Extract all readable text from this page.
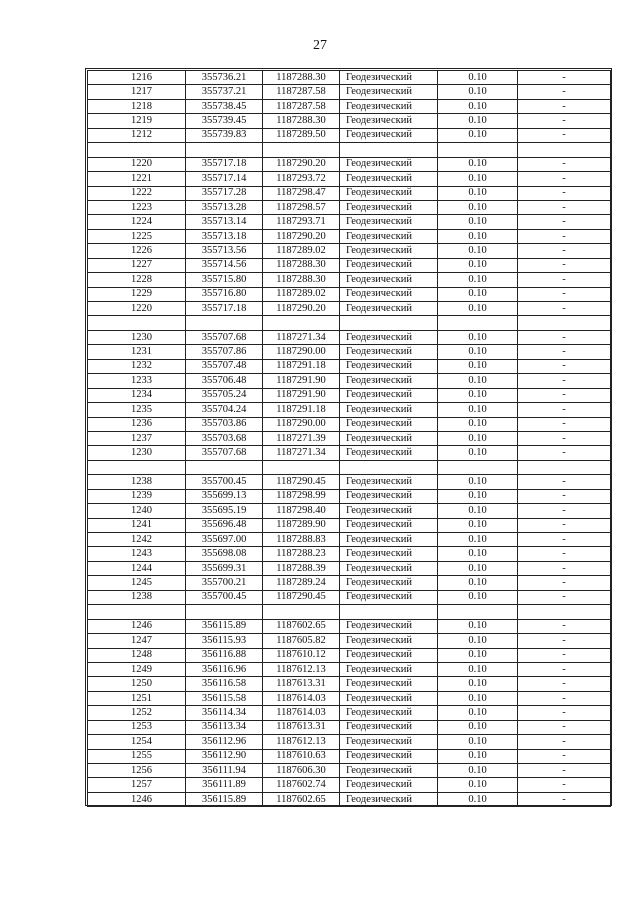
27
1216	355736.21	1187288.30	Геодезический	0.10	-
1217	355737.21	1187287.58	Геодезический	0.10	-
1218	355738.45	1187287.58	Геодезический	0.10	-
1219	355739.45	1187288.30	Геодезический	0.10	-
1212	355739.83	1187289.50	Геодезический	0.10	-

1220	355717.18	1187290.20	Геодезический	0.10	-
1221	355717.14	1187293.72	Геодезический	0.10	-
1222	355717.28	1187298.47	Геодезический	0.10	-
1223	355713.28	1187298.57	Геодезический	0.10	-
1224	355713.14	1187293.71	Геодезический	0.10	-
1225	355713.18	1187290.20	Геодезический	0.10	-
1226	355713.56	1187289.02	Геодезический	0.10	-
1227	355714.56	1187288.30	Геодезический	0.10	-
1228	355715.80	1187288.30	Геодезический	0.10	-
1229	355716.80	1187289.02	Геодезический	0.10	-
1220	355717.18	1187290.20	Геодезический	0.10	-

1230	355707.68	1187271.34	Геодезический	0.10	-
1231	355707.86	1187290.00	Геодезический	0.10	-
1232	355707.48	1187291.18	Геодезический	0.10	-
1233	355706.48	1187291.90	Геодезический	0.10	-
1234	355705.24	1187291.90	Геодезический	0.10	-
1235	355704.24	1187291.18	Геодезический	0.10	-
1236	355703.86	1187290.00	Геодезический	0.10	-
1237	355703.68	1187271.39	Геодезический	0.10	-
1230	355707.68	1187271.34	Геодезический	0.10	-

1238	355700.45	1187290.45	Геодезический	0.10	-
1239	355699.13	1187298.99	Геодезический	0.10	-
1240	355695.19	1187298.40	Геодезический	0.10	-
1241	355696.48	1187289.90	Геодезический	0.10	-
1242	355697.00	1187288.83	Геодезический	0.10	-
1243	355698.08	1187288.23	Геодезический	0.10	-
1244	355699.31	1187288.39	Геодезический	0.10	-
1245	355700.21	1187289.24	Геодезический	0.10	-
1238	355700.45	1187290.45	Геодезический	0.10	-

1246	356115.89	1187602.65	Геодезический	0.10	-
1247	356115.93	1187605.82	Геодезический	0.10	-
1248	356116.88	1187610.12	Геодезический	0.10	-
1249	356116.96	1187612.13	Геодезический	0.10	-
1250	356116.58	1187613.31	Геодезический	0.10	-
1251	356115.58	1187614.03	Геодезический	0.10	-
1252	356114.34	1187614.03	Геодезический	0.10	-
1253	356113.34	1187613.31	Геодезический	0.10	-
1254	356112.96	1187612.13	Геодезический	0.10	-
1255	356112.90	1187610.63	Геодезический	0.10	-
1256	356111.94	1187606.30	Геодезический	0.10	-
1257	356111.89	1187602.74	Геодезический	0.10	-
1246	356115.89	1187602.65	Геодезический	0.10	-
